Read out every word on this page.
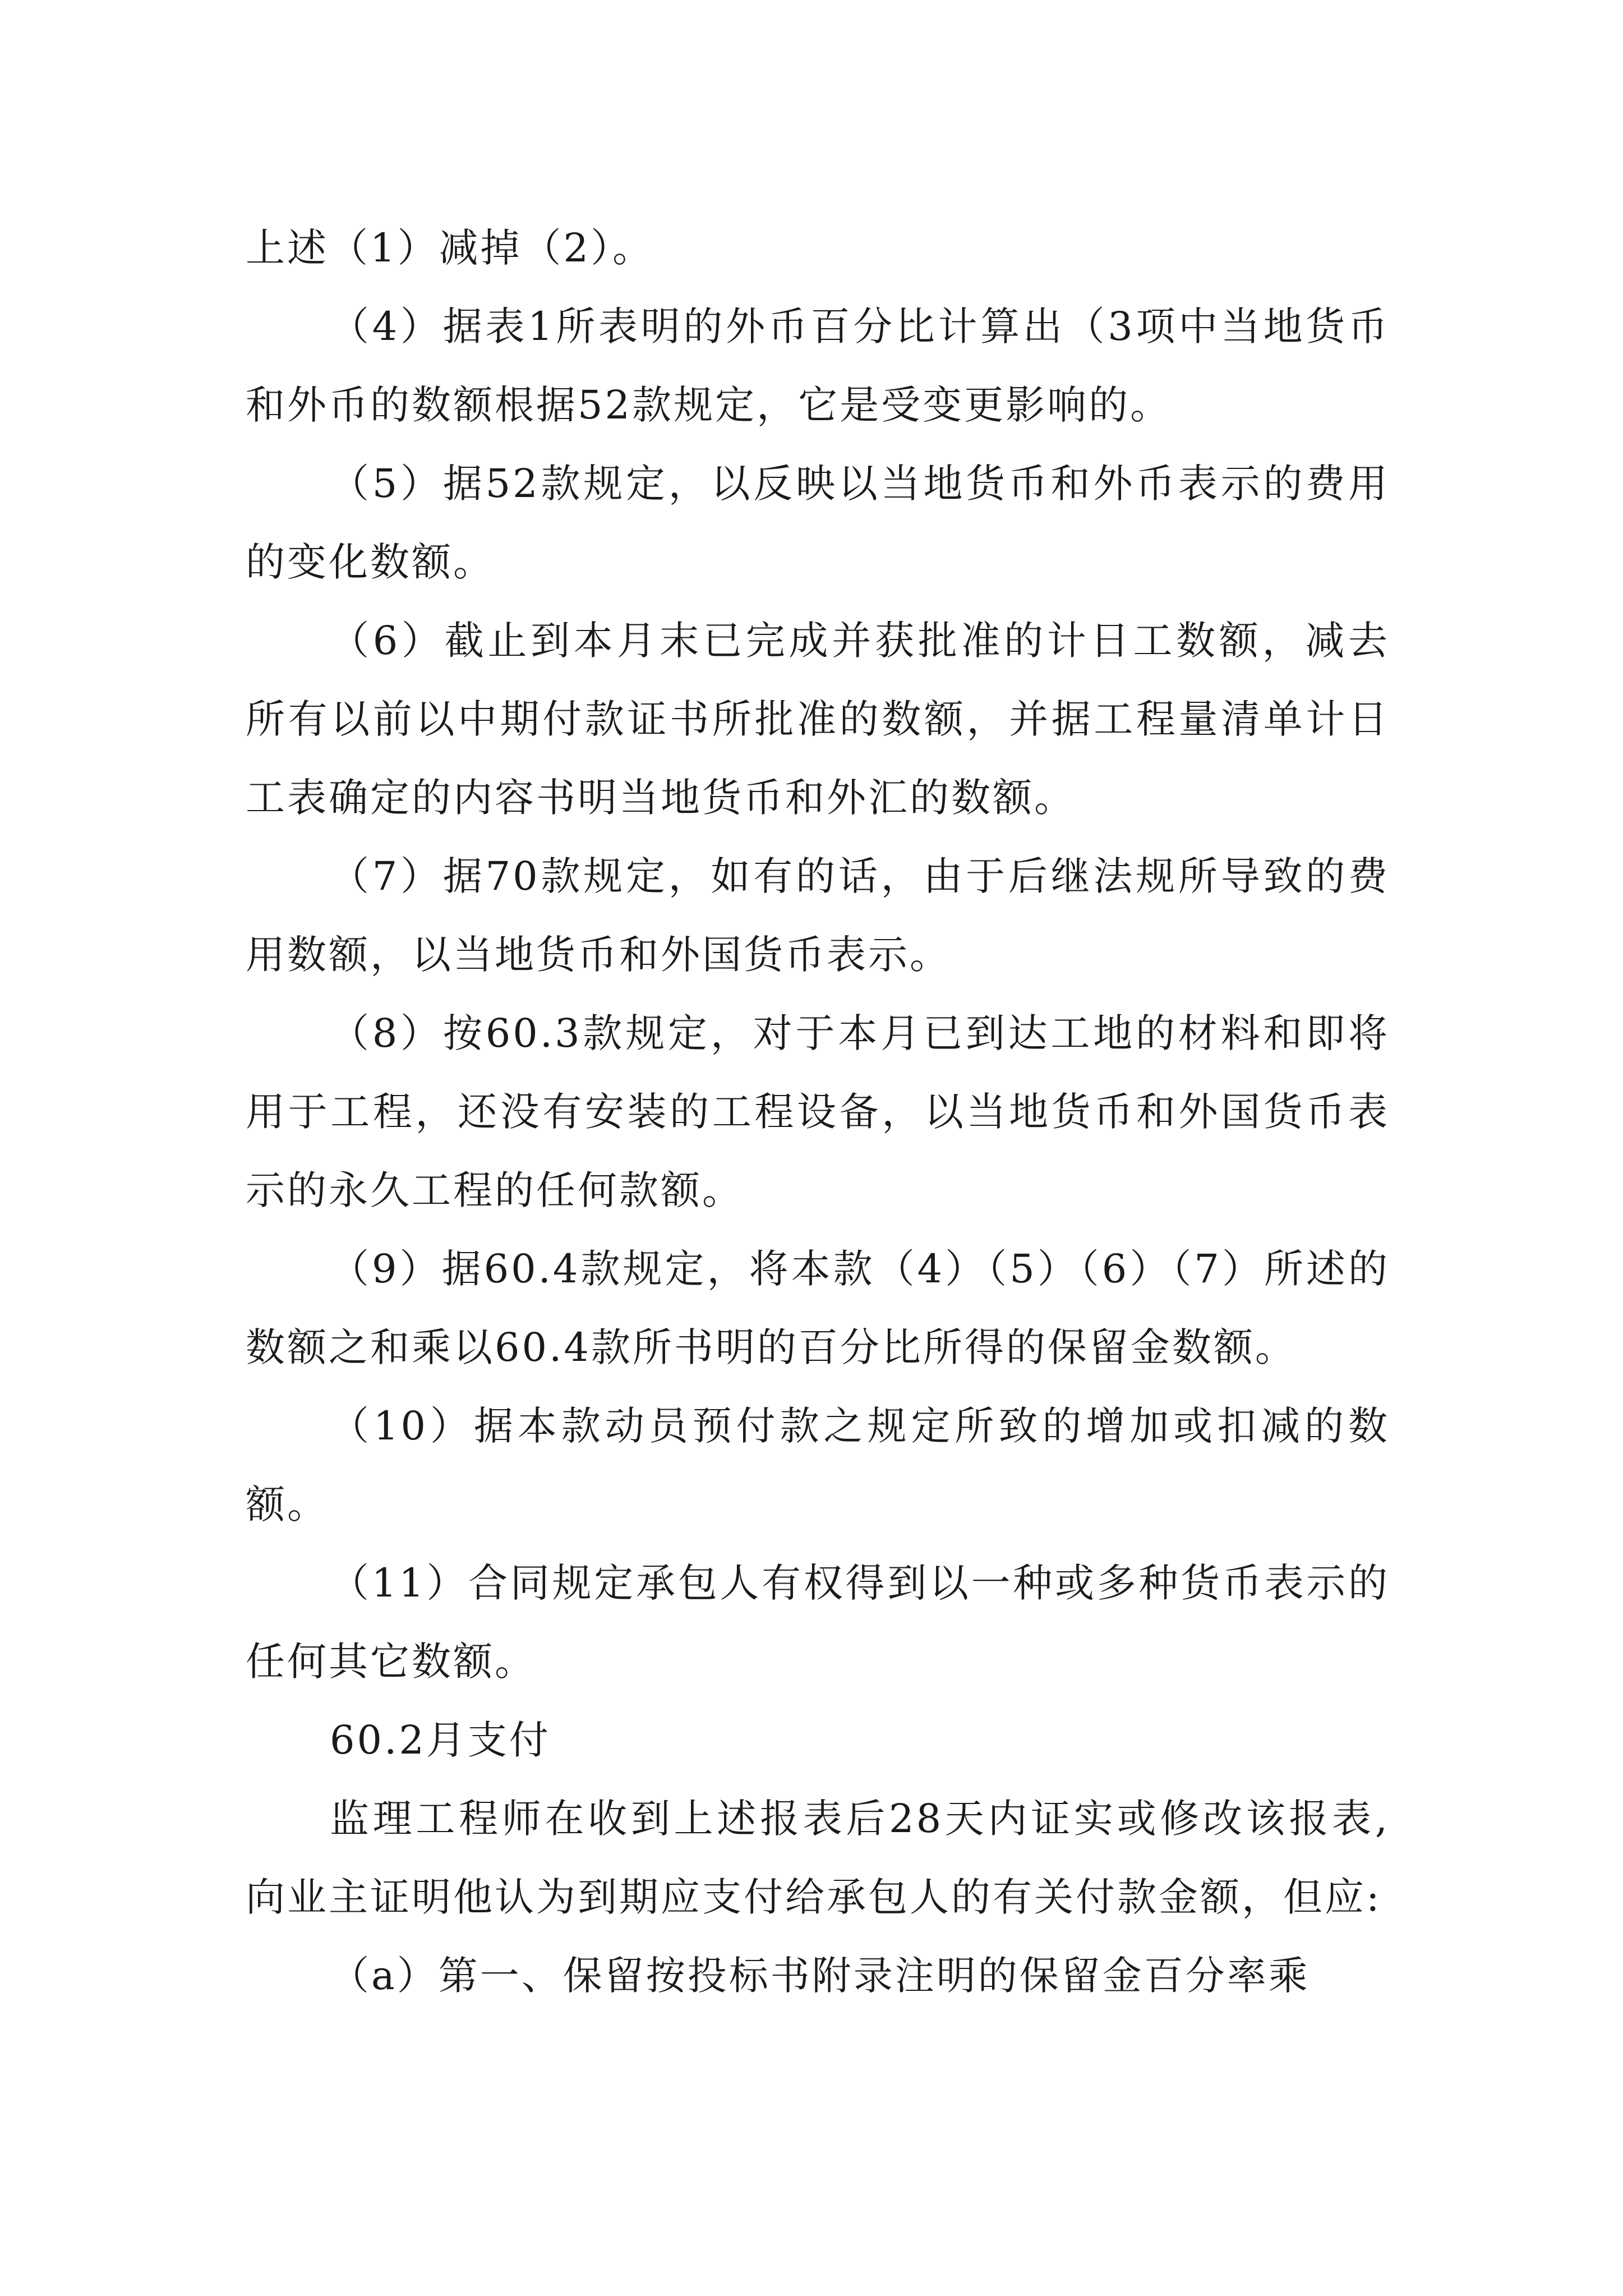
上述（1）减掉（2）。

（4）据表1所表明的外币百分比计算出（3项中当地货币和外币的数额根据52款规定，它是受变更影响的。

（5）据52款规定，以反映以当地货币和外币表示的费用的变化数额。

（6）截止到本月末已完成并获批准的计日工数额，减去所有以前以中期付款证书所批准的数额，并据工程量清单计日工表确定的内容书明当地货币和外汇的数额。

（7）据70款规定，如有的话，由于后继法规所导致的费用数额，以当地货币和外国货币表示。

（8）按60.3款规定，对于本月已到达工地的材料和即将用于工程，还没有安装的工程设备，以当地货币和外国货币表示的永久工程的任何款额。

（9）据60.4款规定，将本款（4）（5）（6）（7）所述的数额之和乘以60.4款所书明的百分比所得的保留金数额。

（10）据本款动员预付款之规定所致的增加或扣减的数额。

（11）合同规定承包人有权得到以一种或多种货币表示的任何其它数额。

60.2月支付

监理工程师在收到上述报表后28天内证实或修改该报表,向业主证明他认为到期应支付给承包人的有关付款金额，但应:

（a）第一、保留按投标书附录注明的保留金百分率乘
